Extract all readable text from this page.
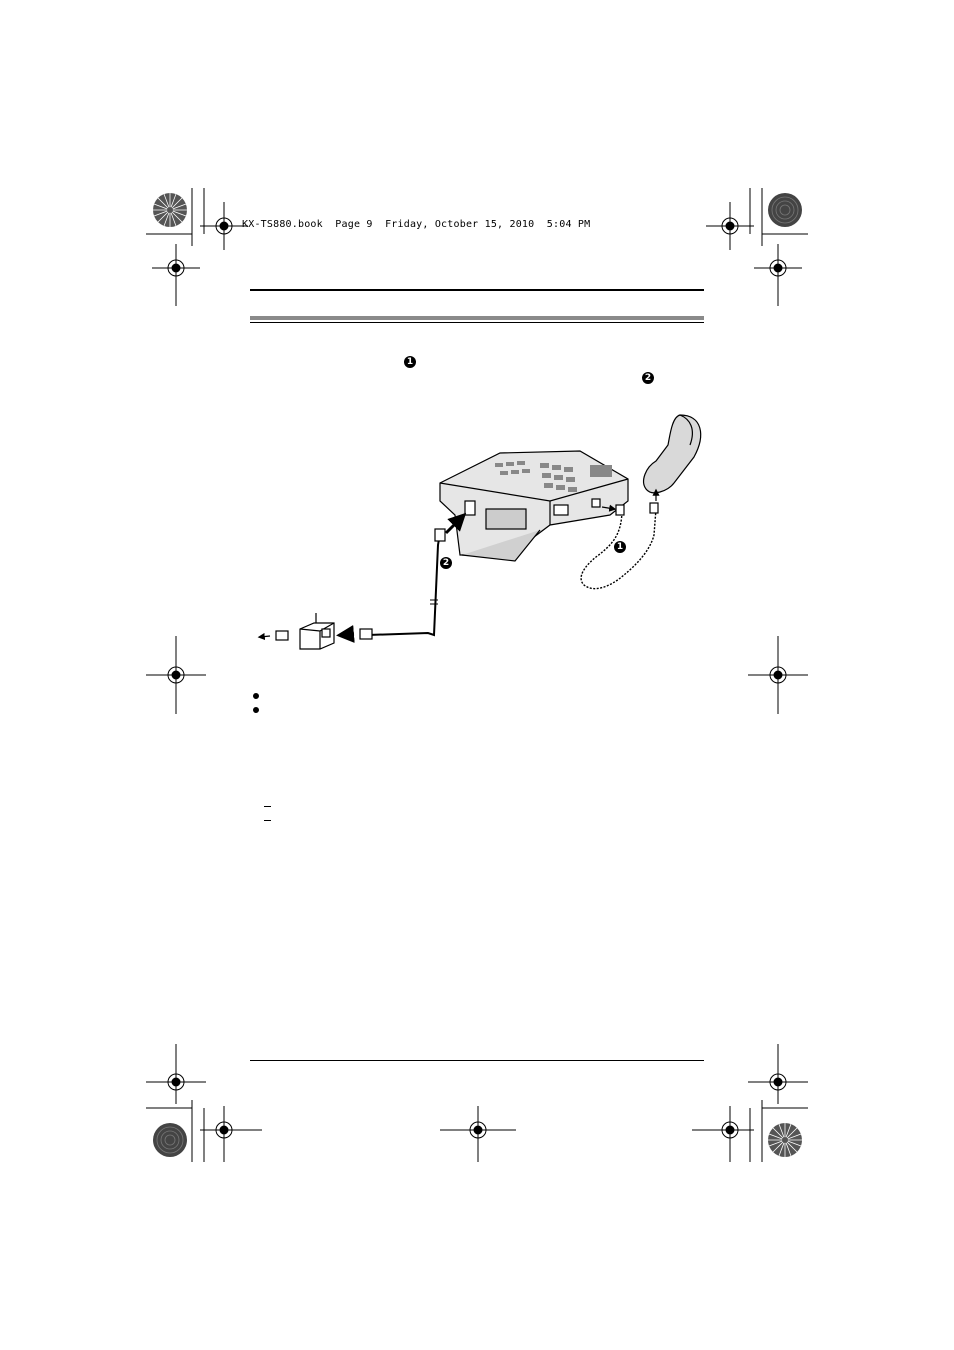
KX-TS880.book  Page 9  Friday, October 15, 2010  5:04 PM
1
2
1
2
